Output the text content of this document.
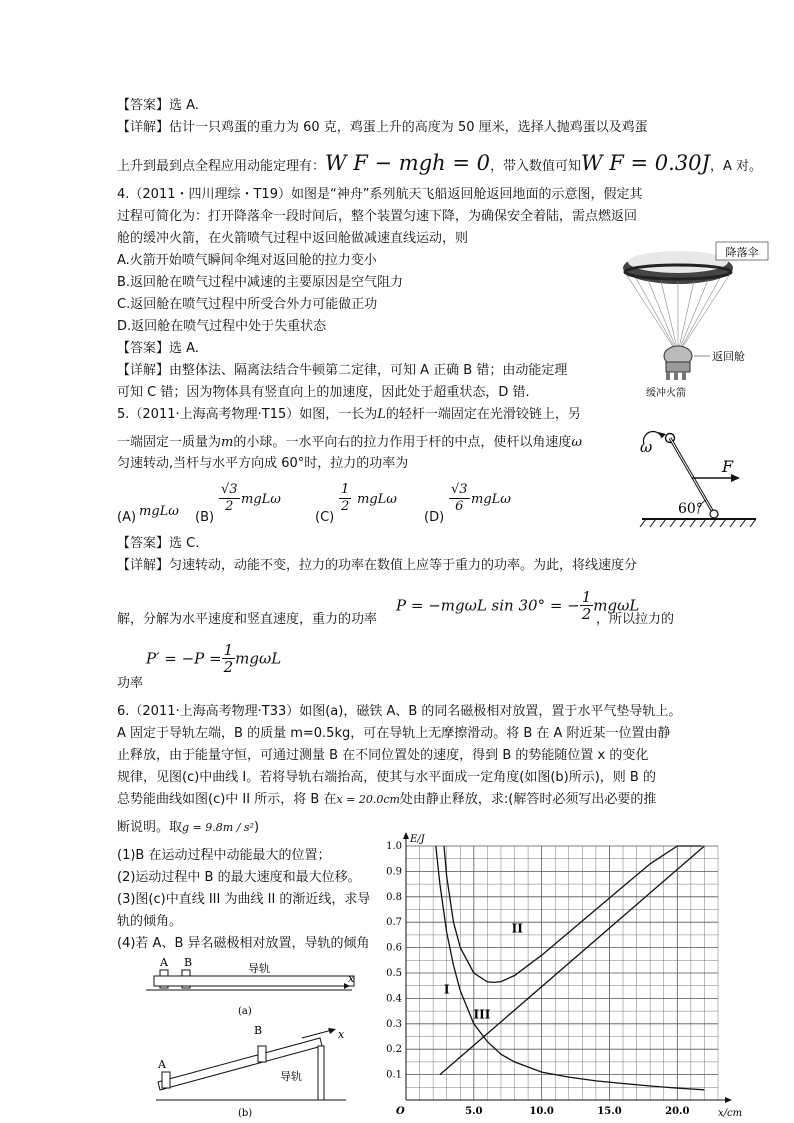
【答案】选 A.
【详解】估计一只鸡蛋的重力为 60 克，鸡蛋上升的高度为 50 厘米，选择人抛鸡蛋以及鸡蛋
上升到最到点全程应用动能定理有：W F − mgh = 0，带入数值可知W F = 0.30J，A 对。
4.（2011・四川理综・T19）如图是“神舟”系列航天飞船返回舱返回地面的示意图，假定其
过程可简化为：打开降落伞一段时间后，整个装置匀速下降，为确保安全着陆，需点燃返回
舱的缓冲火箭，在火箭喷气过程中返回舱做减速直线运动，则
A.火箭开始喷气瞬间伞绳对返回舱的拉力变小
B.返回舱在喷气过程中减速的主要原因是空气阻力
C.返回舱在喷气过程中所受合外力可能做正功
D.返回舱在喷气过程中处于失重状态
【答案】选 A.
【详解】由整体法、隔离法结合牛顿第二定律，可知 A 正确 B 错；由动能定理
可知 C 错；因为物体具有竖直向上的加速度，因此处于超重状态，D 错.
降落伞
返回舱
缓冲火箭
5.（2011·上海高考物理·T15）如图，一长为L的轻杆一端固定在光滑铰链上，另
一端固定一质量为m的小球。一水平向右的拉力作用于杆的中点，使杆以角速度ω
匀速转动,当杆与水平方向成 60°时，拉力的功率为
(A) mgLω (B)
$\frac{√3}{2}$ mgLω
(C)
$\frac{1}{2}$ mgLω
(D)
$\frac{√3}{6}$ mgLω
ω
F
60°
【答案】选 C.
【详解】匀速转动，动能不变，拉力的功率在数值上应等于重力的功率。为此，将线速度分
解，分解为水平速度和竖直速度，重力的功率
P = −mgωL sin 30° = − $\frac{1}{2}$ mgωL
，所以拉力的
$P' = -P = \frac{1}{2}$ mgωL
功率
6.（2011·上海高考物理·T33）如图(a)，磁铁 A、B 的同名磁极相对放置，置于水平气垫导轨上。
A 固定于导轨左端，B 的质量 m=0.5kg，可在导轨上无摩擦滑动。将 B 在 A 附近某一位置由静
止释放，由于能量守恒，可通过测量 B 在不同位置处的速度，得到 B 的势能随位置 x 的变化
规律，见图(c)中曲线 I。若将导轨右端抬高，使其与水平面成一定角度(如图(b)所示)，则 B 的
总势能曲线如图(c)中 II 所示，将 B 在x = 20.0cm处由静止释放，求:(解答时必须写出必要的推
断说明。取g = 9.8m / s²)
(1)B 在运动过程中动能最大的位置；
(2)运动过程中 B 的最大速度和最大位移。
(3)图(c)中直线 III 为曲线 II 的渐近线，求导
轨的倾角。
(4)若 A、B 异名磁极相对放置，导轨的倾角
A B	导轨
x
(a)
A
B	x
导轨
(b)	5.0	10.0	15.0	20.0
0.1
0.2
0.3
0.4
0.5
0.6
0.7
0.8
0.9
1.0
O	x/cm
E/J
I
II
III
